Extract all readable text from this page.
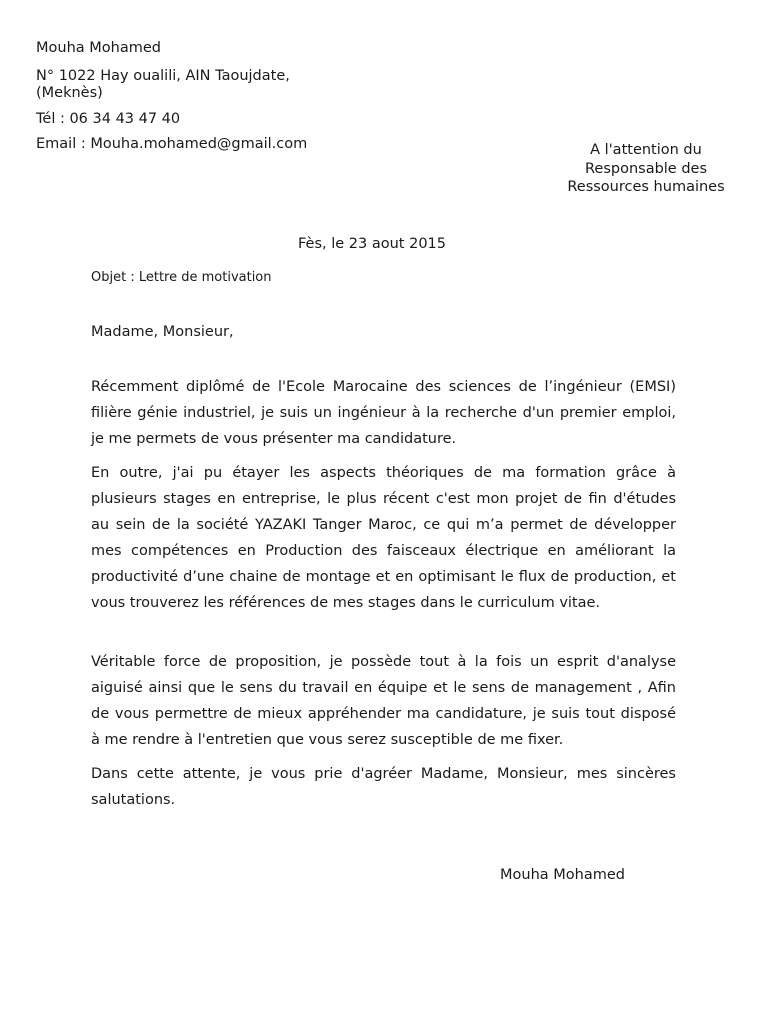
Mouha Mohamed
N° 1022 Hay oualili, AIN Taoujdate,
(Meknès)
Tél : 06 34 43 47 40
Email : Mouha.mohamed@gmail.com	A l'attention du
Responsable des
Ressources humaines
Fès, le 23 aout 2015
Objet : Lettre de motivation
Madame, Monsieur,

Récemment diplômé de l'Ecole Marocaine des sciences de l’ingénieur (EMSI) filière génie industriel, je suis un ingénieur à la recherche d'un premier emploi, je me permets de vous présenter ma candidature.

En outre, j'ai pu étayer les aspects théoriques de ma formation grâce à plusieurs stages en entreprise, le plus récent c'est mon projet de fin d'études au sein de la société YAZAKI Tanger Maroc, ce qui m’a permet de développer mes compétences en Production des faisceaux électrique en améliorant la productivité d’une chaine de montage et en optimisant le flux de production, et vous trouverez les références de mes stages dans le curriculum vitae.

Véritable force de proposition, je possède tout à la fois un esprit d'analyse aiguisé ainsi que le sens du travail en équipe et le sens de management , Afin de vous permettre de mieux appréhender ma candidature, je suis tout disposé à me rendre à l'entretien que vous serez susceptible de me fixer.

Dans cette attente, je vous prie d'agréer Madame, Monsieur, mes sincères salutations.

Mouha Mohamed
